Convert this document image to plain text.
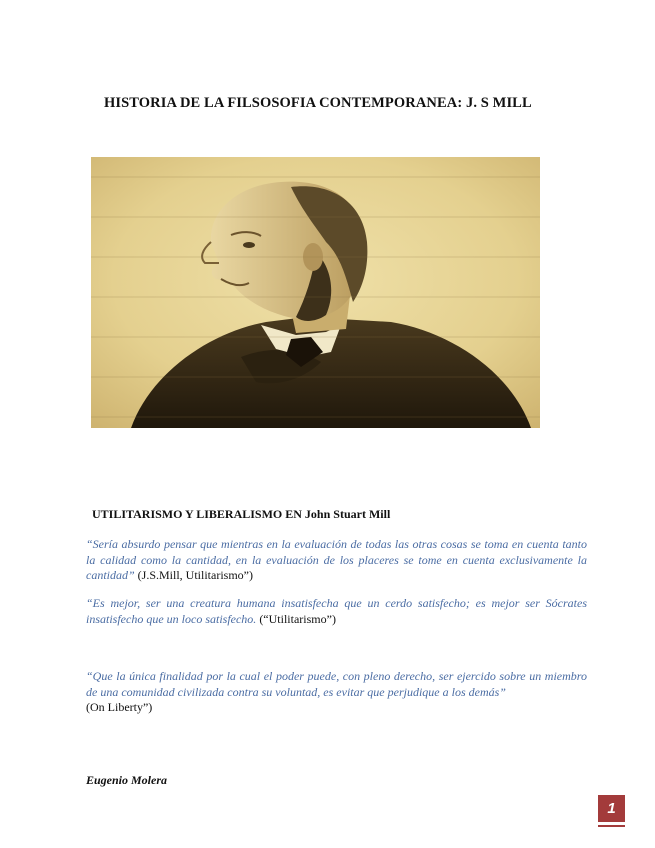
HISTORIA DE LA FILSOSOFIA CONTEMPORANEA: J. S MILL
UTILITARISMO Y LIBERALISMO EN John Stuart Mill
“Sería absurdo pensar que mientras en la evaluación de todas las otras cosas se toma en cuenta tanto la calidad como la cantidad, en la evaluación de los placeres se tome en cuenta exclusivamente la cantidad” (J.S.Mill, Utilitarismo”)
“Es mejor, ser una creatura humana insatisfecha que un cerdo satisfecho; es mejor ser Sócrates insatisfecho que un loco satisfecho. (“Utilitarismo”)
“Que la única finalidad por la cual el poder puede, con pleno derecho, ser ejercido sobre un miembro de una comunidad civilizada contra su voluntad, es evitar que perjudique a los demás”
(On Liberty”)
Eugenio Molera
1
